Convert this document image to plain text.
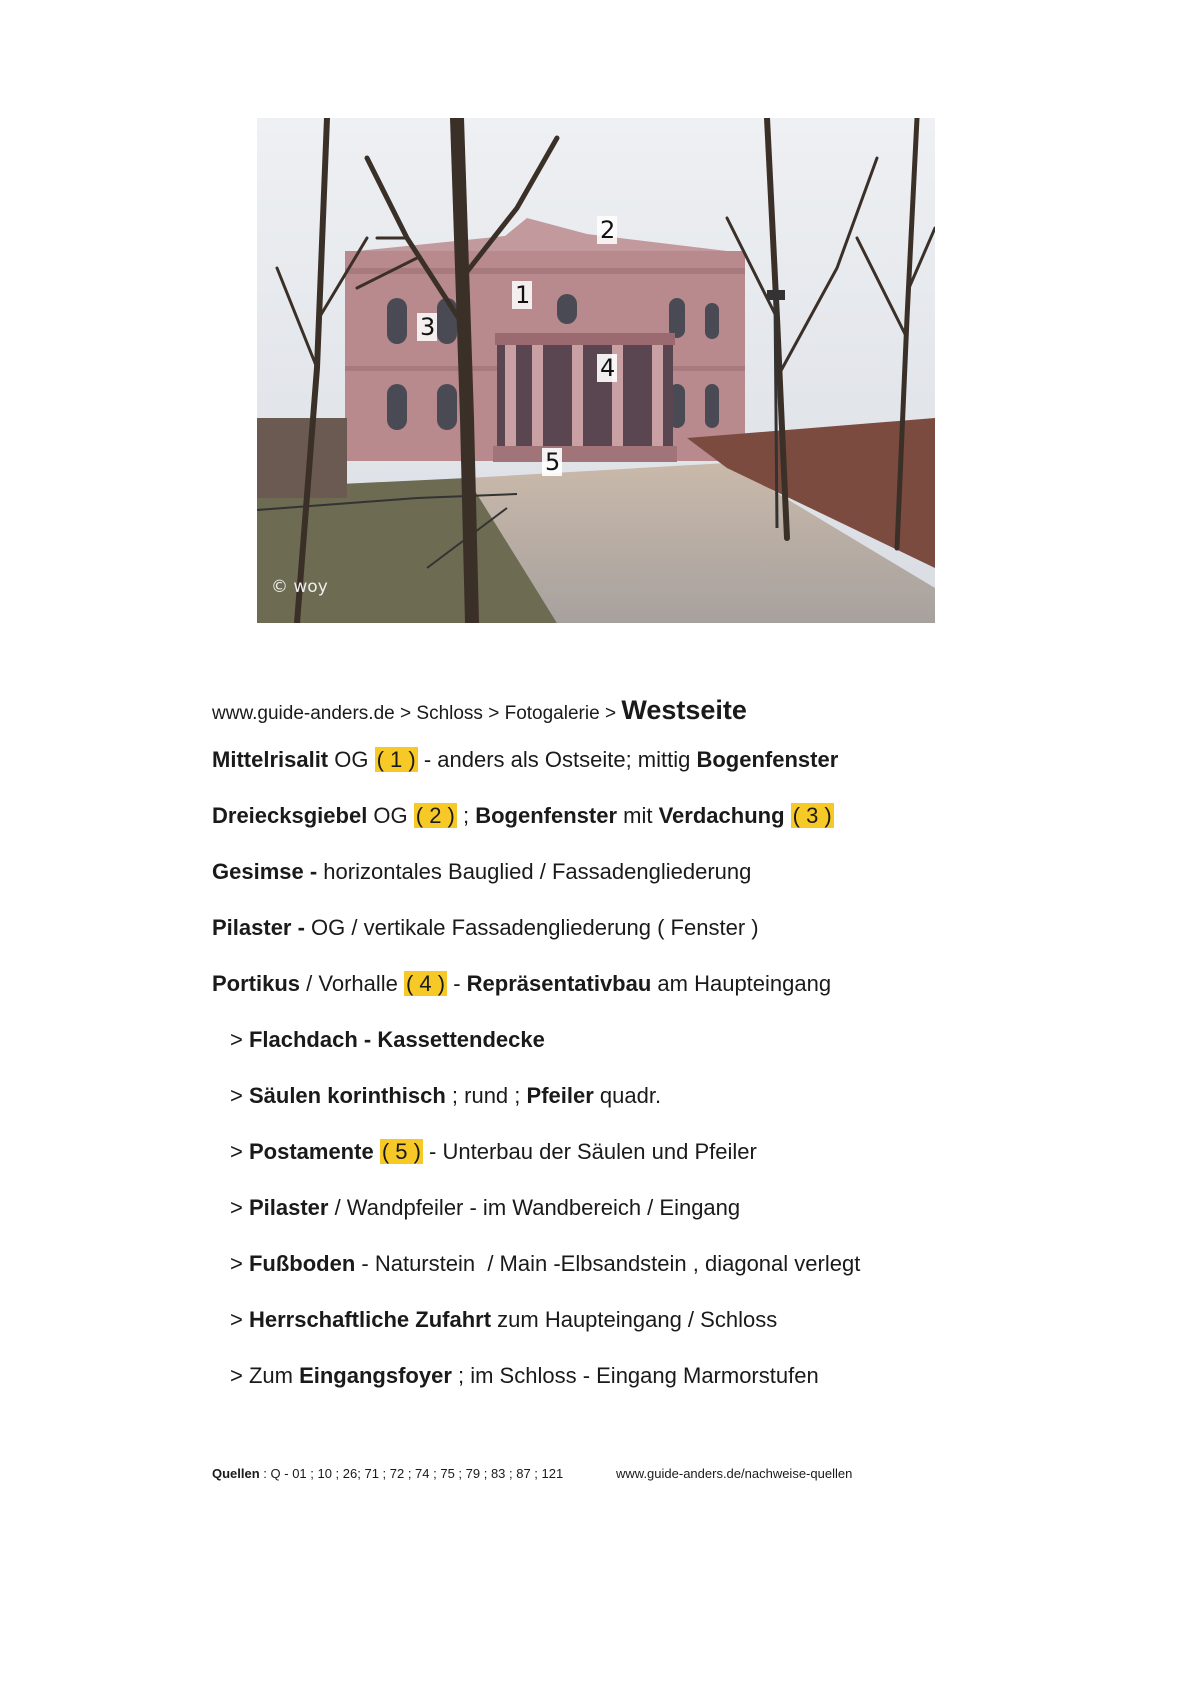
2
1
3
4
5
© woy
www.guide-anders.de > Schloss > Fotogalerie > Westseite
Mittelrisalit OG ( 1 ) - anders als Ostseite; mittig Bogenfenster
Dreiecksgiebel OG ( 2 ) ; Bogenfenster mit Verdachung ( 3 )
Gesimse - horizontales Bauglied / Fassadengliederung
Pilaster - OG / vertikale Fassadengliederung ( Fenster )
Portikus / Vorhalle ( 4 ) - Repräsentativbau am Haupteingang
> Flachdach - Kassettendecke
> Säulen korinthisch ; rund ; Pfeiler quadr.
> Postamente ( 5 ) - Unterbau der Säulen und Pfeiler
> Pilaster / Wandpfeiler - im Wandbereich / Eingang
> Fußboden - Naturstein  / Main -Elbsandstein , diagonal verlegt
> Herrschaftliche Zufahrt zum Haupteingang / Schloss
> Zum Eingangsfoyer ; im Schloss - Eingang Marmorstufen
Quellen : Q - 01 ; 10 ; 26; 71 ; 72 ; 74 ; 75 ; 79 ; 83 ; 87 ; 121	www.guide-anders.de/nachweise-quellen
